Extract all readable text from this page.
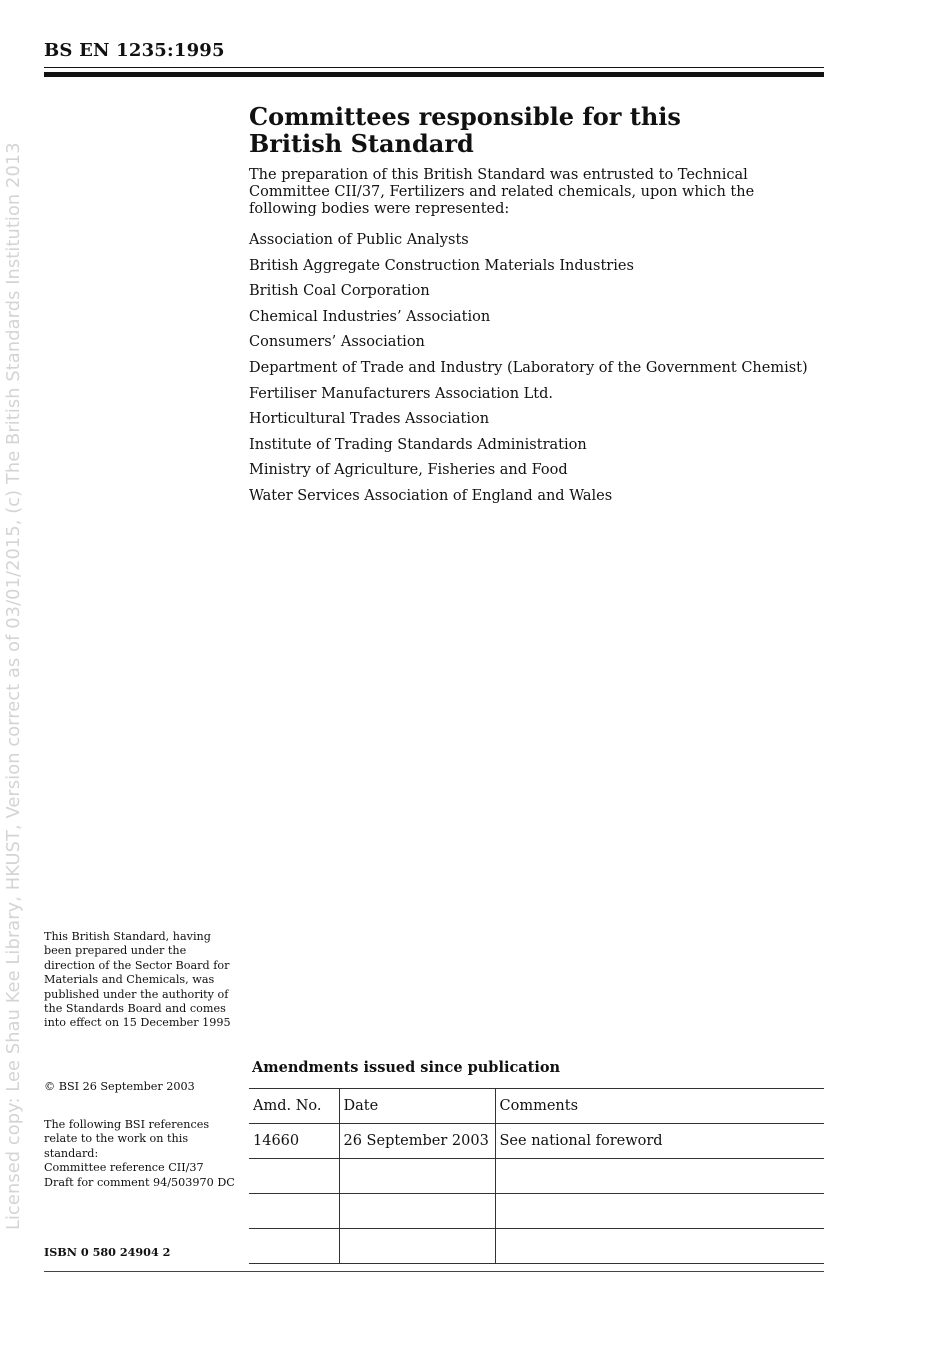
BS EN 1235:1995
Licensed copy: Lee Shau Kee Library, HKUST, Version correct as of 03/01/2015, (c) The British Standards Institution 2013
Committees responsible for this British Standard

The preparation of this British Standard was entrusted to Technical Committee CII/37, Fertilizers and related chemicals, upon which the following bodies were represented:

Association of Public Analysts
British Aggregate Construction Materials Industries
British Coal Corporation
Chemical Industries’ Association
Consumers’ Association
Department of Trade and Industry (Laboratory of the Government Chemist)
Fertiliser Manufacturers Association Ltd.
Horticultural Trades Association
Institute of Trading Standards Administration
Ministry of Agriculture, Fisheries and Food
Water Services Association of England and Wales
This British Standard, having been prepared under the direction of the Sector Board for Materials and Chemicals, was published under the authority of the Standards Board and comes into effect on 15 December 1995
© BSI 26 September 2003
The following BSI references relate to the work on this standard:
Committee reference CII/37
Draft for comment 94/503970 DC
ISBN 0 580 24904 2
Amendments issued since publication
Amd. No.	Date	Comments
14660	26 September 2003	See national foreword
